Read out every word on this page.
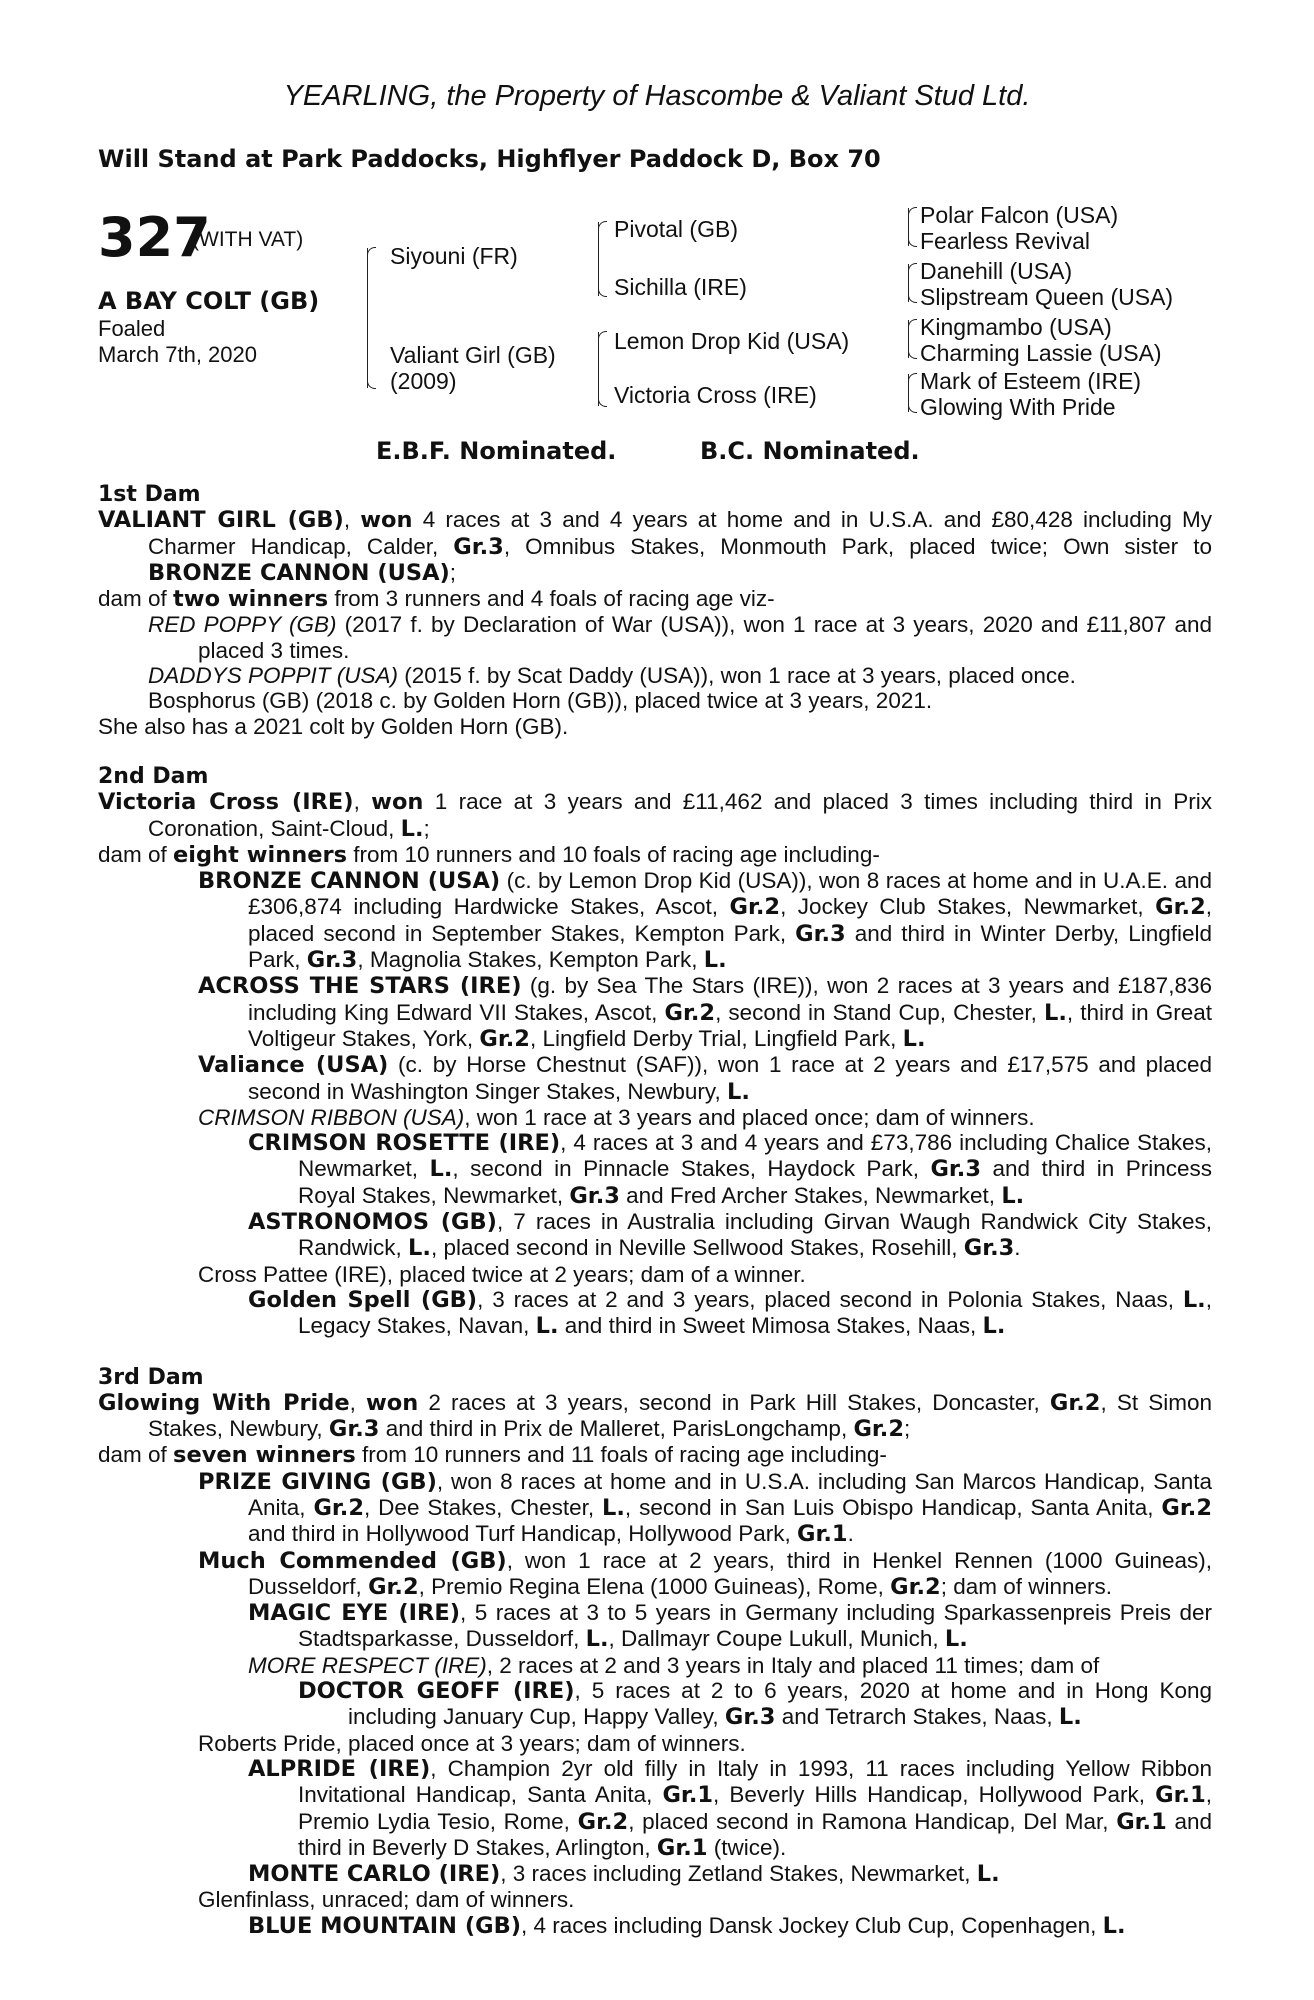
YEARLING, the Property of Hascombe & Valiant Stud Ltd.
Will Stand at Park Paddocks, Highflyer Paddock D, Box 70
327
(WITH VAT)
A BAY COLT (GB)
Foaled
March 7th, 2020
Siyouni (FR)
Valiant Girl (GB)
(2009)
Pivotal (GB)
Sichilla (IRE)
Lemon Drop Kid (USA)
Victoria Cross (IRE)
Polar Falcon (USA)
Fearless Revival
Danehill (USA)
Slipstream Queen (USA)
Kingmambo (USA)
Charming Lassie (USA)
Mark of Esteem (IRE)
Glowing With Pride
E.B.F. Nominated.	B.C. Nominated.
1st Dam

VALIANT GIRL (GB), won 4 races at 3 and 4 years at home and in U.S.A. and £80,428 including My Charmer Handicap, Calder, Gr.3, Omnibus Stakes, Monmouth Park, placed twice; Own sister to BRONZE CANNON (USA);

dam of two winners from 3 runners and 4 foals of racing age viz-

RED POPPY (GB) (2017 f. by Declaration of War (USA)), won 1 race at 3 years, 2020 and £11,807 and placed 3 times.

DADDYS POPPIT (USA) (2015 f. by Scat Daddy (USA)), won 1 race at 3 years, placed once.

Bosphorus (GB) (2018 c. by Golden Horn (GB)), placed twice at 3 years, 2021.

She also has a 2021 colt by Golden Horn (GB).

2nd Dam

Victoria Cross (IRE), won 1 race at 3 years and £11,462 and placed 3 times including third in Prix Coronation, Saint-Cloud, L.;

dam of eight winners from 10 runners and 10 foals of racing age including-

BRONZE CANNON (USA) (c. by Lemon Drop Kid (USA)), won 8 races at home and in U.A.E. and £306,874 including Hardwicke Stakes, Ascot, Gr.2, Jockey Club Stakes, Newmarket, Gr.2, placed second in September Stakes, Kempton Park, Gr.3 and third in Winter Derby, Lingfield Park, Gr.3, Magnolia Stakes, Kempton Park, L.

ACROSS THE STARS (IRE) (g. by Sea The Stars (IRE)), won 2 races at 3 years and £187,836 including King Edward VII Stakes, Ascot, Gr.2, second in Stand Cup, Chester, L., third in Great Voltigeur Stakes, York, Gr.2, Lingfield Derby Trial, Lingfield Park, L.

Valiance (USA) (c. by Horse Chestnut (SAF)), won 1 race at 2 years and £17,575 and placed second in Washington Singer Stakes, Newbury, L.

CRIMSON RIBBON (USA), won 1 race at 3 years and placed once; dam of winners.

CRIMSON ROSETTE (IRE), 4 races at 3 and 4 years and £73,786 including Chalice Stakes, Newmarket, L., second in Pinnacle Stakes, Haydock Park, Gr.3 and third in Princess Royal Stakes, Newmarket, Gr.3 and Fred Archer Stakes, Newmarket, L.

ASTRONOMOS (GB), 7 races in Australia including Girvan Waugh Randwick City Stakes, Randwick, L., placed second in Neville Sellwood Stakes, Rosehill, Gr.3.

Cross Pattee (IRE), placed twice at 2 years; dam of a winner.

Golden Spell (GB), 3 races at 2 and 3 years, placed second in Polonia Stakes, Naas, L., Legacy Stakes, Navan, L. and third in Sweet Mimosa Stakes, Naas, L.

3rd Dam

Glowing With Pride, won 2 races at 3 years, second in Park Hill Stakes, Doncaster, Gr.2, St Simon Stakes, Newbury, Gr.3 and third in Prix de Malleret, ParisLongchamp, Gr.2;

dam of seven winners from 10 runners and 11 foals of racing age including-

PRIZE GIVING (GB), won 8 races at home and in U.S.A. including San Marcos Handicap, Santa Anita, Gr.2, Dee Stakes, Chester, L., second in San Luis Obispo Handicap, Santa Anita, Gr.2 and third in Hollywood Turf Handicap, Hollywood Park, Gr.1.

Much Commended (GB), won 1 race at 2 years, third in Henkel Rennen (1000 Guineas), Dusseldorf, Gr.2, Premio Regina Elena (1000 Guineas), Rome, Gr.2; dam of winners.

MAGIC EYE (IRE), 5 races at 3 to 5 years in Germany including Sparkassenpreis Preis der Stadtsparkasse, Dusseldorf, L., Dallmayr Coupe Lukull, Munich, L.

MORE RESPECT (IRE), 2 races at 2 and 3 years in Italy and placed 11 times; dam of

DOCTOR GEOFF (IRE), 5 races at 2 to 6 years, 2020 at home and in Hong Kong including January Cup, Happy Valley, Gr.3 and Tetrarch Stakes, Naas, L.

Roberts Pride, placed once at 3 years; dam of winners.

ALPRIDE (IRE), Champion 2yr old filly in Italy in 1993, 11 races including Yellow Ribbon Invitational Handicap, Santa Anita, Gr.1, Beverly Hills Handicap, Hollywood Park, Gr.1, Premio Lydia Tesio, Rome, Gr.2, placed second in Ramona Handicap, Del Mar, Gr.1 and third in Beverly D Stakes, Arlington, Gr.1 (twice).

MONTE CARLO (IRE), 3 races including Zetland Stakes, Newmarket, L.

Glenfinlass, unraced; dam of winners.

BLUE MOUNTAIN (GB), 4 races including Dansk Jockey Club Cup, Copenhagen, L.
